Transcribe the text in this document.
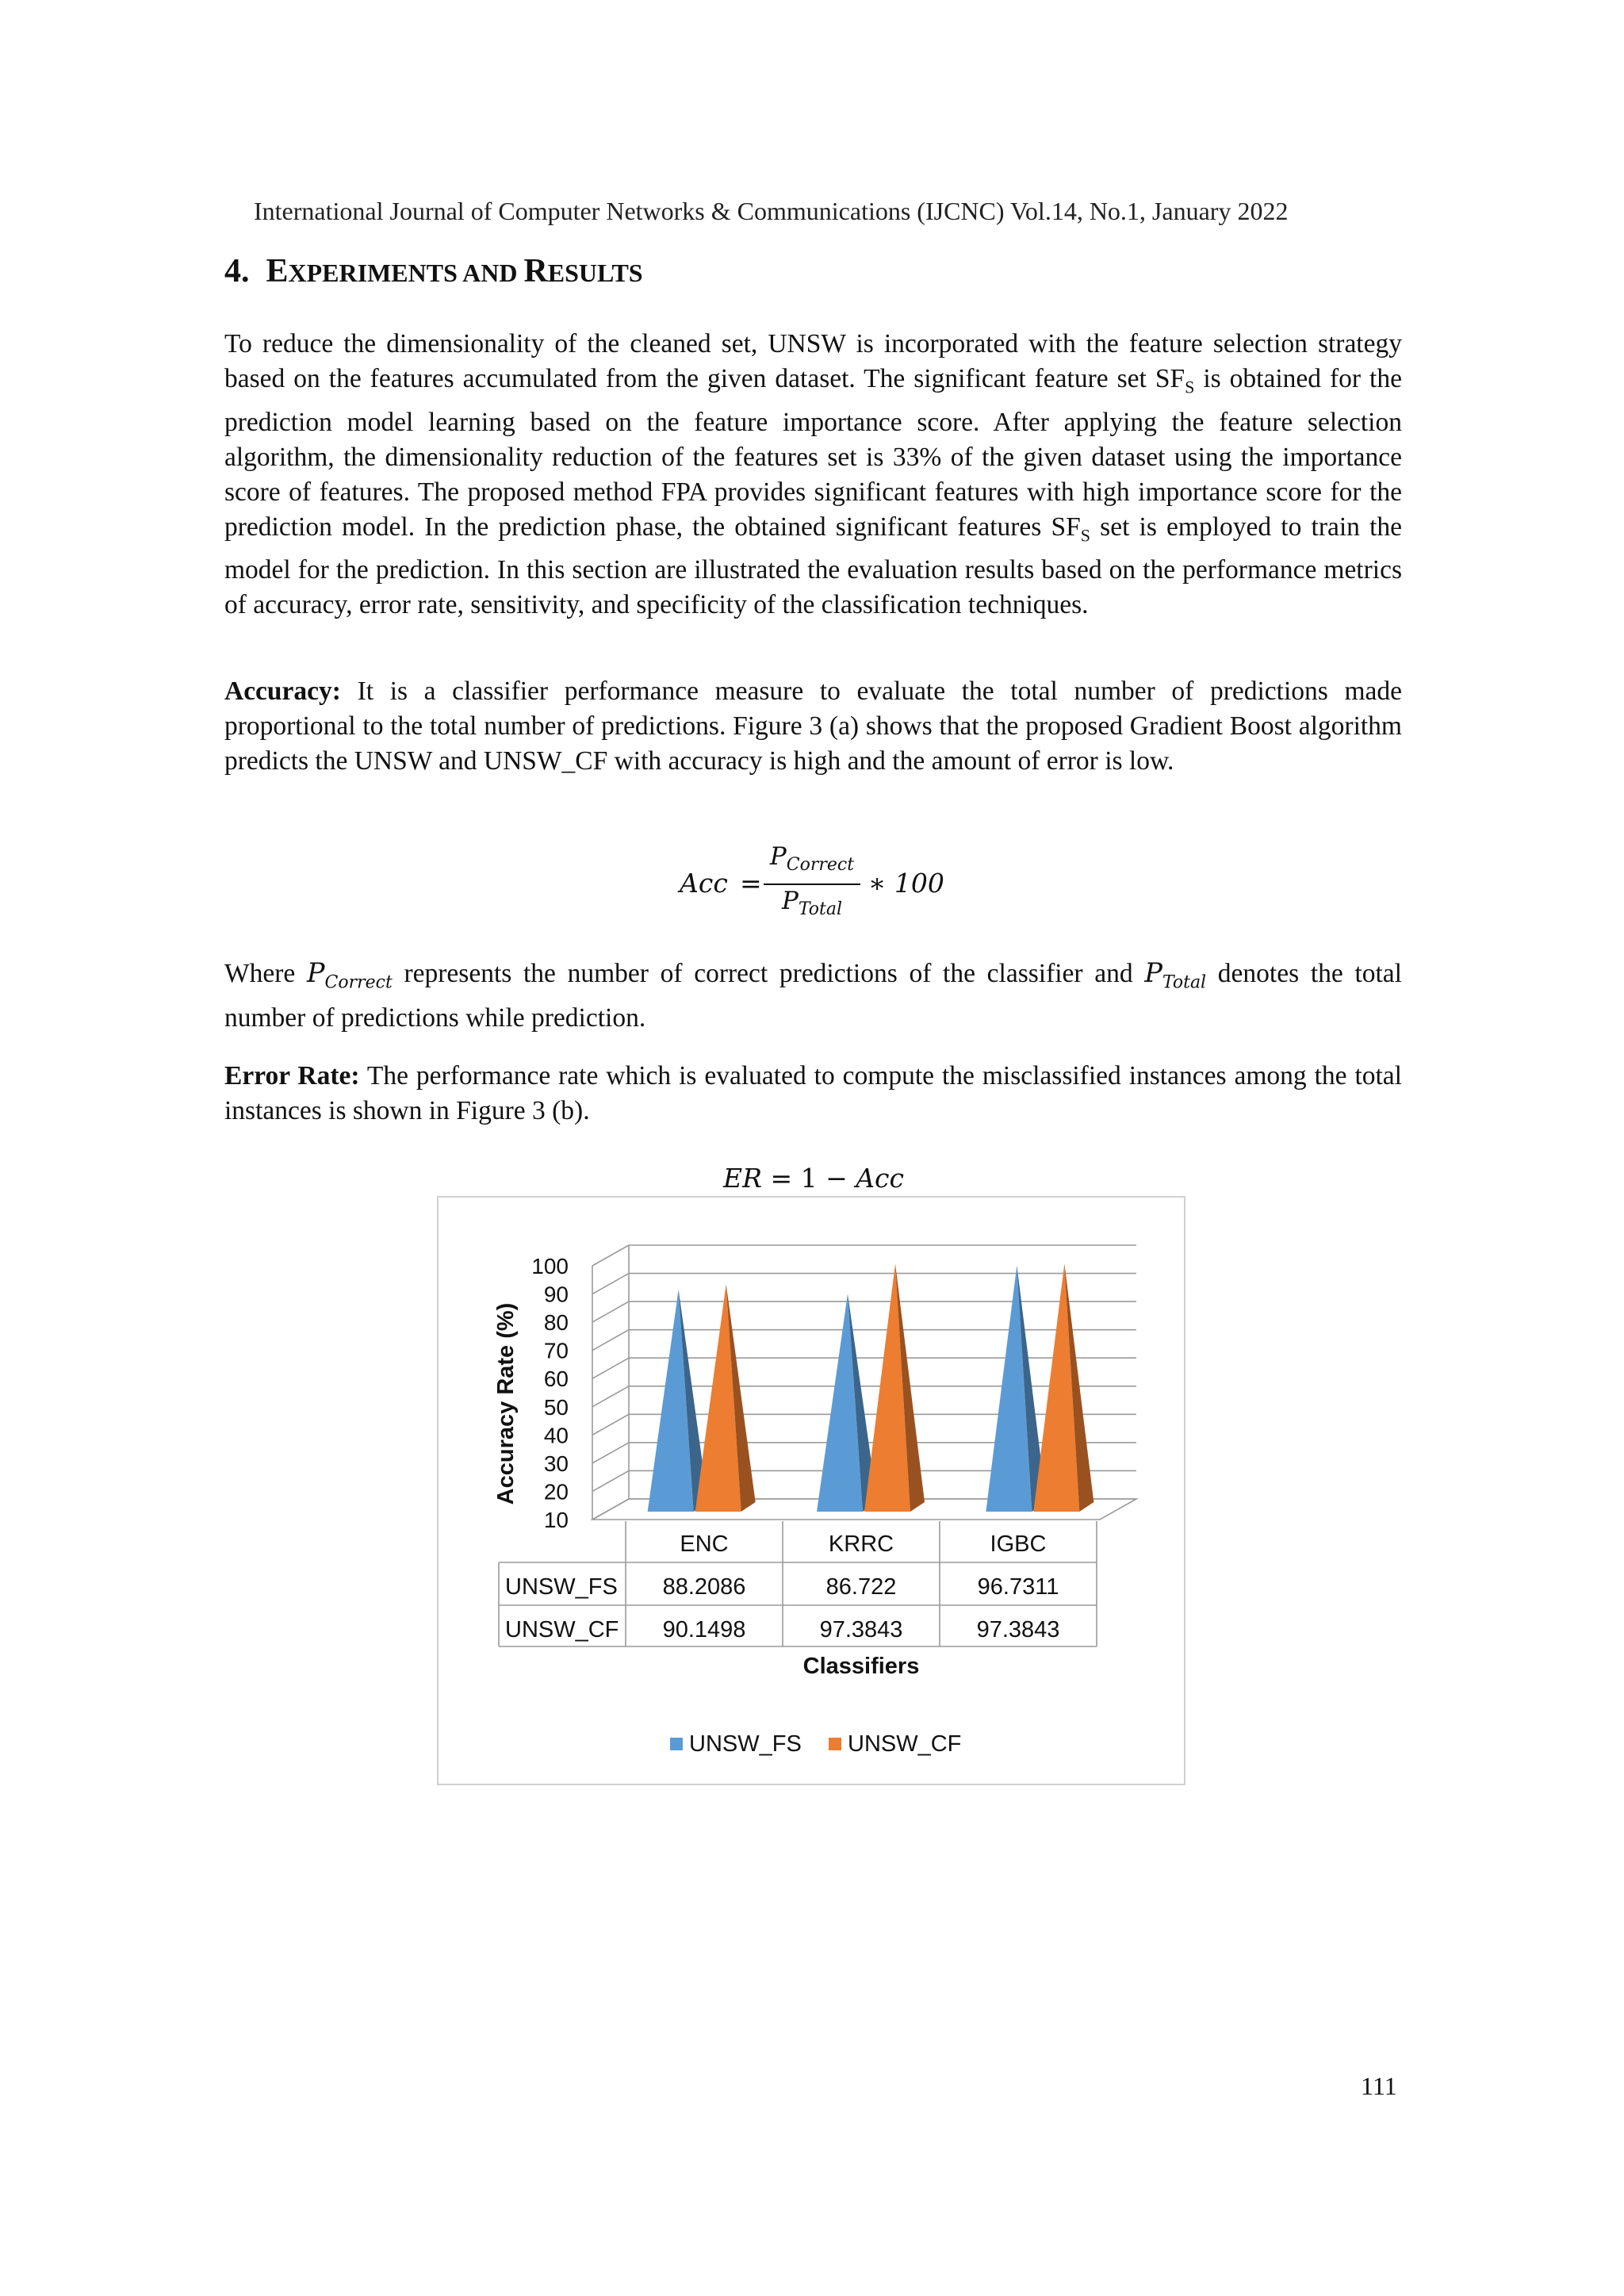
International Journal of Computer Networks & Communications (IJCNC) Vol.14, No.1, January 2022
4. EXPERIMENTS AND RESULTS
To reduce the dimensionality of the cleaned set, UNSW is incorporated with the feature selection strategy based on the features accumulated from the given dataset. The significant feature set $SF_S$ is obtained for the prediction model learning based on the feature importance score. After applying the feature selection algorithm, the dimensionality reduction of the features set is 33% of the given dataset using the importance score of features. The proposed method FPA provides significant features with high importance score for the prediction model. In the prediction phase, the obtained significant features $SF_S$ set is employed to train the model for the prediction. In this section are illustrated the evaluation results based on the performance metrics of accuracy, error rate, sensitivity, and specificity of the classification techniques.
Accuracy: It is a classifier performance measure to evaluate the total number of predictions made proportional to the total number of predictions. Figure 3 (a) shows that the proposed Gradient Boost algorithm predicts the UNSW and UNSW_CF with accuracy is high and the amount of error is low.
Acc =
$P_{Correct}$
$P_{Total}$
∗ 100
Where $P_{Correct}$ represents the number of correct predictions of the classifier and $P_{Total}$ denotes the total number of predictions while prediction.
Error Rate: The performance rate which is evaluated to compute the misclassified instances among the total instances is shown in Figure 3 (b).
ER = 1 − Acc
ENC	KRRC	IGBC
UNSW_FS 88.2086	86.722	96.7311
UNSW_CF 90.1498	97.3843	97.3843
100
90
80
70
60
50
40
30
20
10
Accuracy Rate (%)
Classifiers
UNSW_FS UNSW_CF
111
